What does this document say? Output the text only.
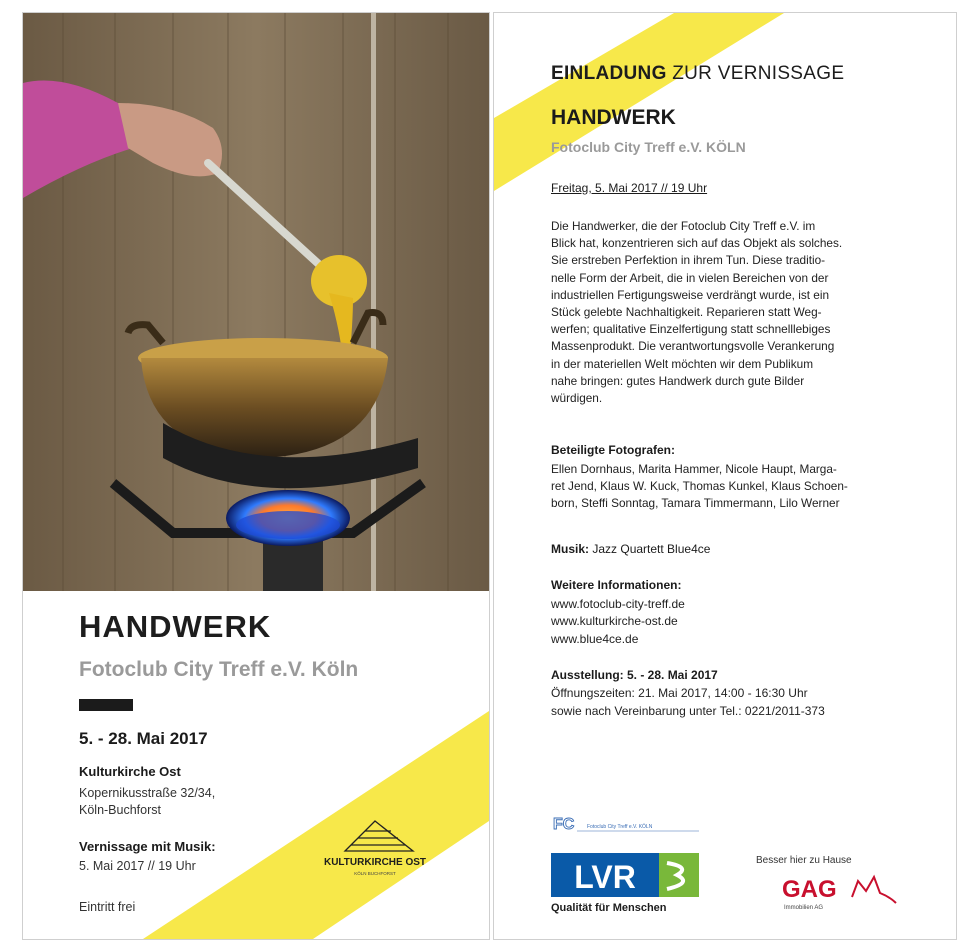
HANDWERK
Fotoclub City Treff e.V. Köln
5. - 28. Mai 2017
Kulturkirche Ost
Kopernikusstraße 32/34,
Köln-Buchforst
Vernissage mit Musik:
5. Mai 2017 // 19 Uhr
Eintritt frei
KULTURKIRCHE OST
KÖLN BUCHFORST
EINLADUNG ZUR VERNISSAGE
HANDWERK
Fotoclub City Treff e.V. KÖLN
Freitag, 5. Mai 2017 // 19 Uhr
Die Handwerker, die der Fotoclub City Treff e.V. im
Blick hat, konzentrieren sich auf das Objekt als solches.
Sie erstreben Perfektion in ihrem Tun. Diese traditio-
nelle Form der Arbeit, die in vielen Bereichen von der
industriellen Fertigungsweise verdrängt wurde, ist ein
Stück gelebte Nachhaltigkeit. Reparieren statt Weg-
werfen; qualitative Einzelfertigung statt schnelllebiges
Massenprodukt. Die verantwortungsvolle Verankerung
in der materiellen Welt möchten wir dem Publikum
nahe bringen: gutes Handwerk durch gute Bilder
würdigen.
Beteiligte Fotografen:
Ellen Dornhaus, Marita Hammer, Nicole Haupt, Marga-
ret Jend, Klaus W. Kuck, Thomas Kunkel, Klaus Schoen-
born, Steffi Sonntag, Tamara Timmermann, Lilo Werner
Musik: Jazz Quartett Blue4ce
Weitere Informationen:
www.fotoclub-city-treff.de
www.kulturkirche-ost.de
www.blue4ce.de
Ausstellung: 5. - 28. Mai 2017
Öffnungszeiten: 21. Mai 2017, 14:00 - 16:30 Uhr
sowie nach Vereinbarung unter Tel.: 0221/2011-373
FC	Fotoclub City Treff e.V. KÖLN
LVR
Qualität für Menschen
Besser hier zu Hause
GAG
Immobilien AG
